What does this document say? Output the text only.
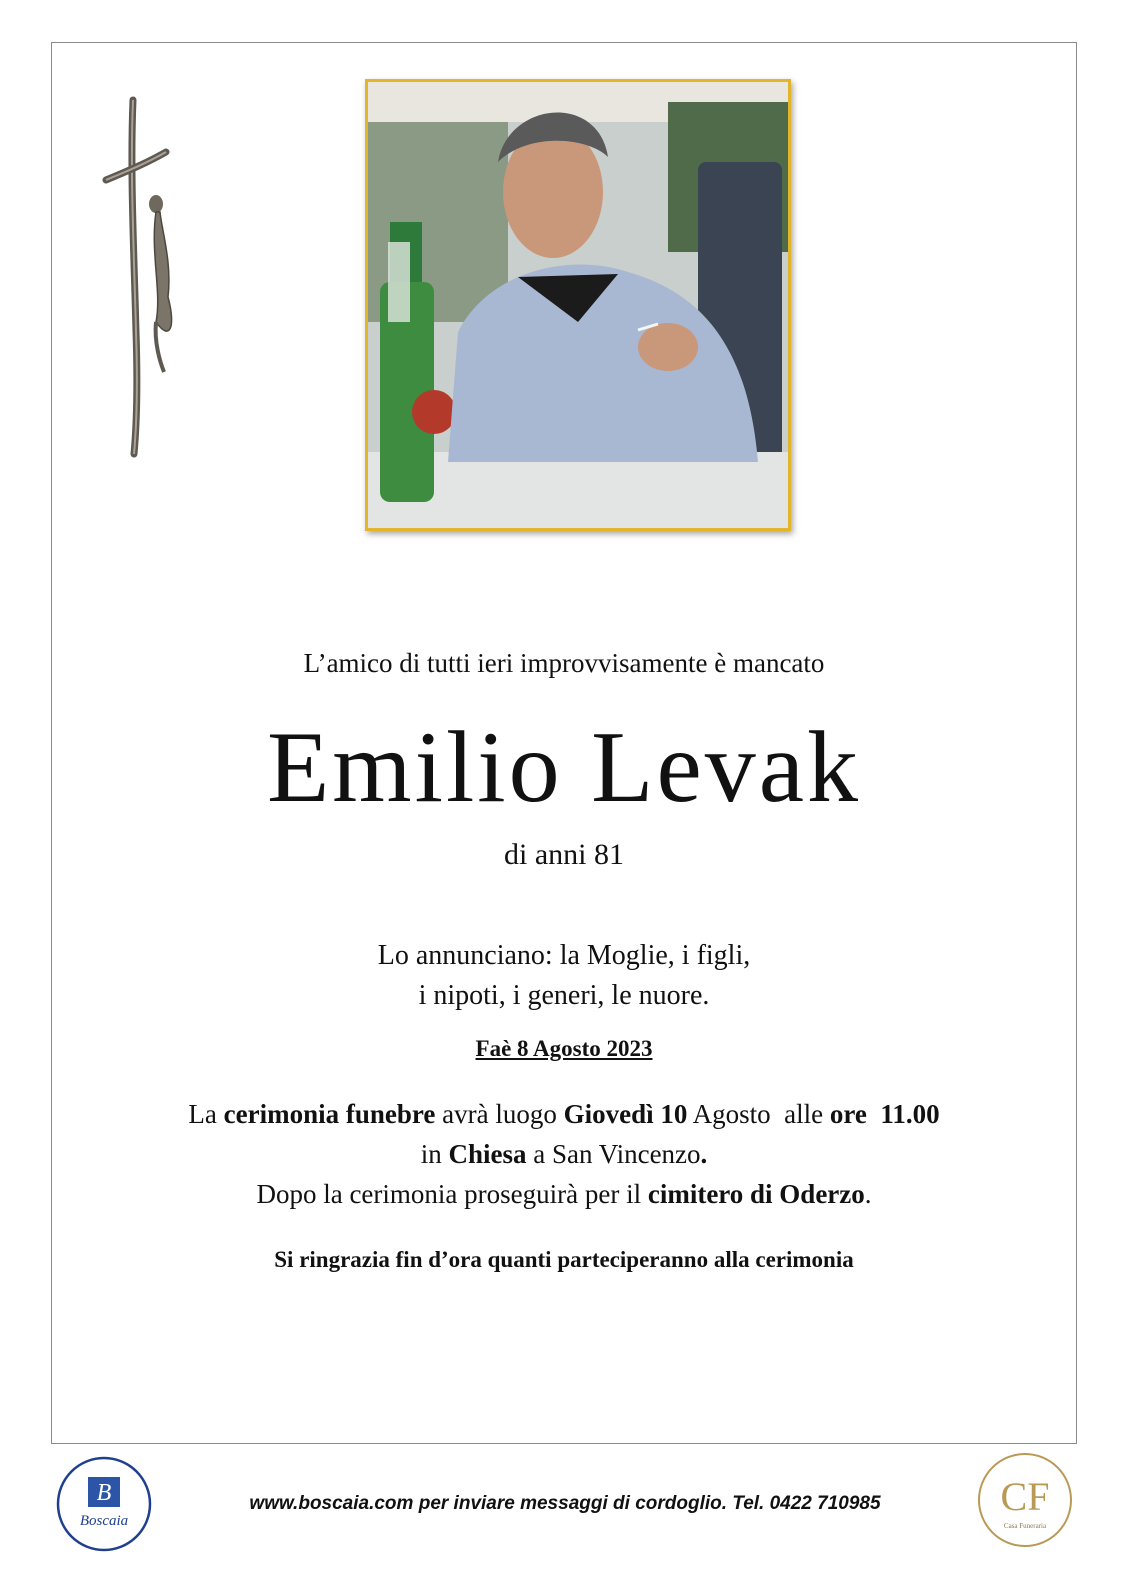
L’amico di tutti ieri improvvisamente è mancato
Emilio Levak
di anni 81
Lo annunciano: la Moglie, i figli,
i nipoti, i generi, le nuore.
Faè 8 Agosto 2023
La cerimonia funebre avrà luogo Giovedì 10 Agosto  alle ore  11.00
in Chiesa a San Vincenzo.
Dopo la cerimonia proseguirà per il cimitero di Oderzo.
Si ringrazia fin d’ora quanti parteciperanno alla cerimonia
B
Boscaia
www.boscaia.com per inviare messaggi di cordoglio. Tel. 0422 710985	CF
Casa Funeraria
